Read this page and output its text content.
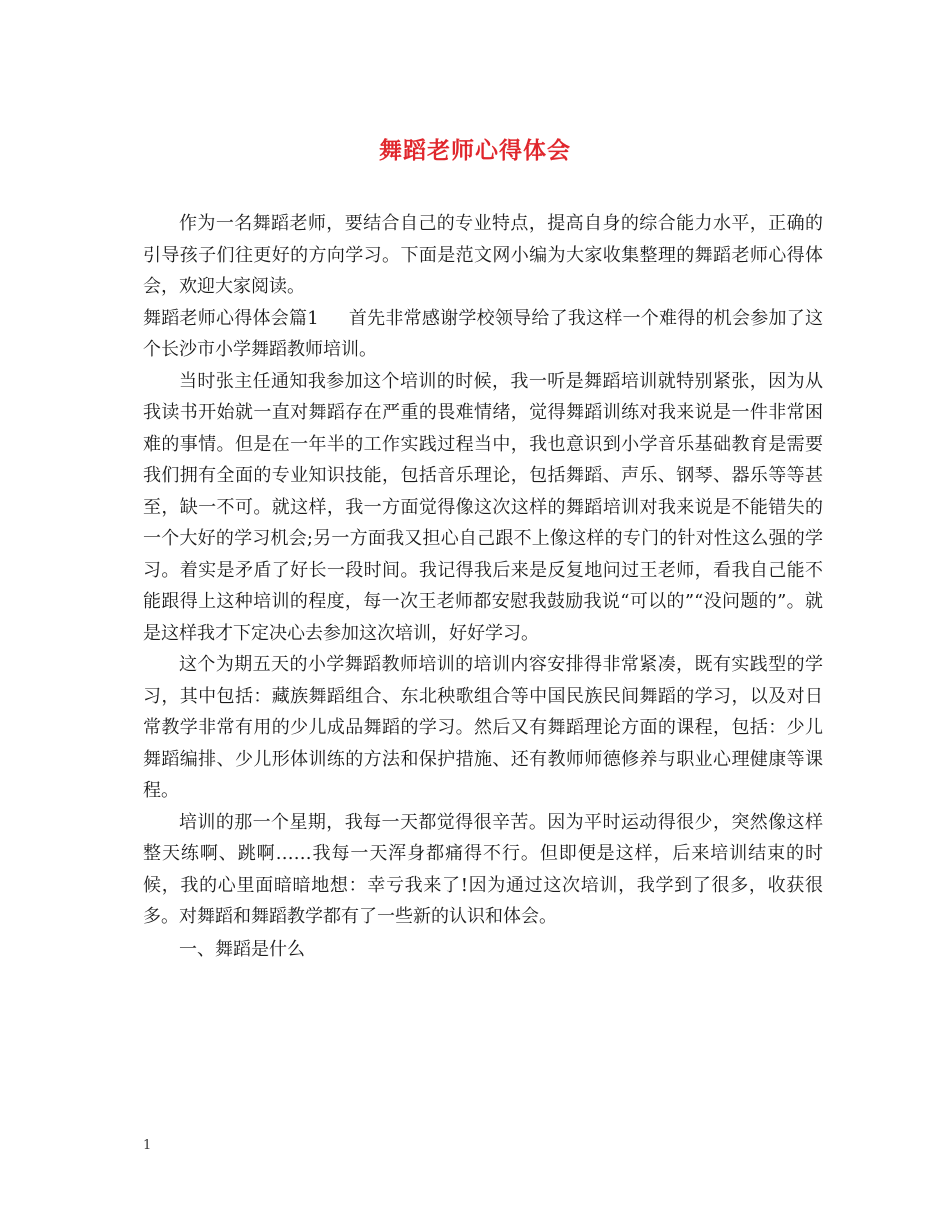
舞蹈老师心得体会

作为一名舞蹈老师，要结合自己的专业特点，提高自身的综合能力水平，正确的引导孩子们往更好的方向学习。下面是范文网小编为大家收集整理的舞蹈老师心得体会，欢迎大家阅读。

舞蹈老师心得体会篇1 首先非常感谢学校领导给了我这样一个难得的机会参加了这个长沙市小学舞蹈教师培训。

当时张主任通知我参加这个培训的时候，我一听是舞蹈培训就特别紧张，因为从我读书开始就一直对舞蹈存在严重的畏难情绪，觉得舞蹈训练对我来说是一件非常困难的事情。但是在一年半的工作实践过程当中，我也意识到小学音乐基础教育是需要我们拥有全面的专业知识技能，包括音乐理论，包括舞蹈、声乐、钢琴、器乐等等甚至，缺一不可。就这样，我一方面觉得像这次这样的舞蹈培训对我来说是不能错失的一个大好的学习机会;另一方面我又担心自己跟不上像这样的专门的针对性这么强的学习。着实是矛盾了好长一段时间。我记得我后来是反复地问过王老师，看我自己能不能跟得上这种培训的程度，每一次王老师都安慰我鼓励我说“可以的”“没问题的”。就是这样我才下定决心去参加这次培训，好好学习。

这个为期五天的小学舞蹈教师培训的培训内容安排得非常紧凑，既有实践型的学习，其中包括：藏族舞蹈组合、东北秧歌组合等中国民族民间舞蹈的学习，以及对日常教学非常有用的少儿成品舞蹈的学习。然后又有舞蹈理论方面的课程，包括：少儿舞蹈编排、少儿形体训练的方法和保护措施、还有教师师德修养与职业心理健康等课程。

培训的那一个星期，我每一天都觉得很辛苦。因为平时运动得很少，突然像这样整天练啊、跳啊……我每一天浑身都痛得不行。但即便是这样，后来培训结束的时候，我的心里面暗暗地想：幸亏我来了!因为通过这次培训，我学到了很多，收获很多。对舞蹈和舞蹈教学都有了一些新的认识和体会。

一、舞蹈是什么

1
